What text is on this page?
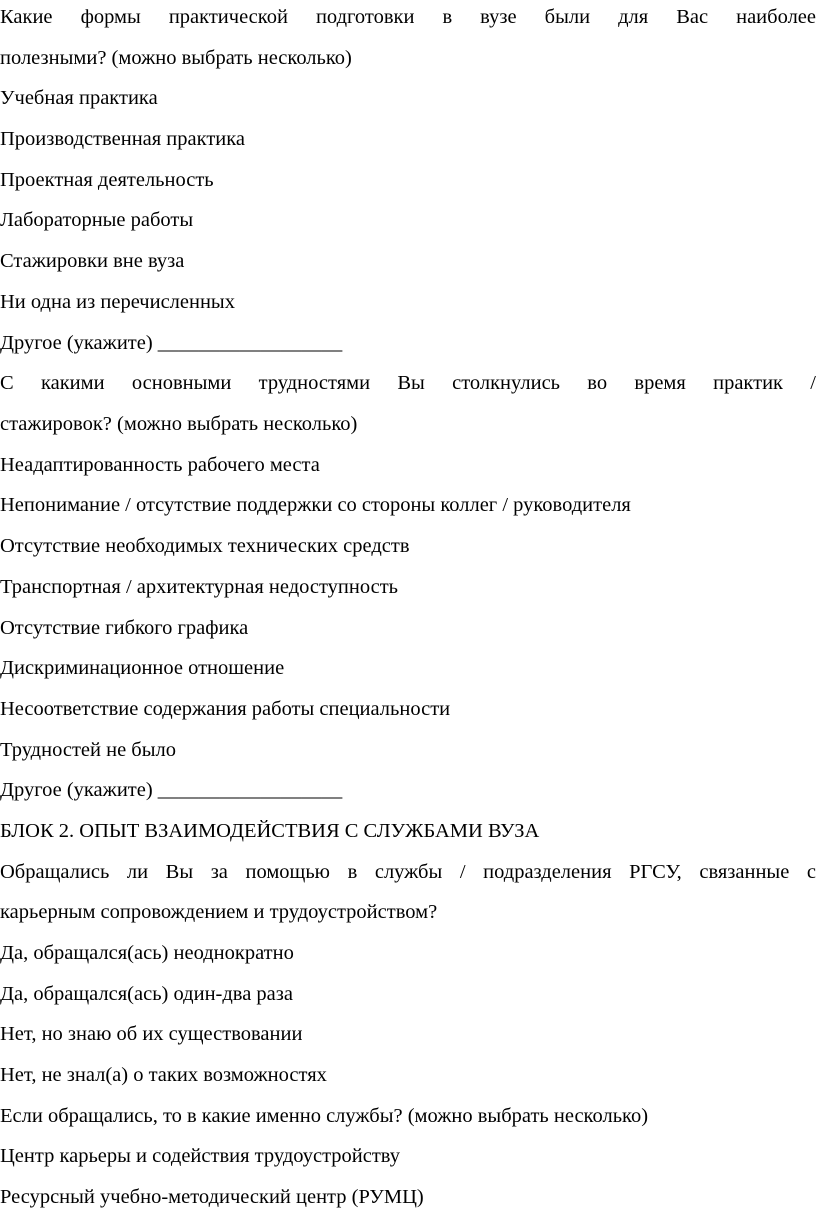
Какие формы практической подготовки в вузе были для Вас наиболее
полезными? (можно выбрать несколько)
Учебная практика
Производственная практика
Проектная деятельность
Лабораторные работы
Стажировки вне вуза
Ни одна из перечисленных
Другое (укажите) __________________
С какими основными трудностями Вы столкнулись во время практик /
стажировок? (можно выбрать несколько)
Неадаптированность рабочего места
Непонимание / отсутствие поддержки со стороны коллег / руководителя
Отсутствие необходимых технических средств
Транспортная / архитектурная недоступность
Отсутствие гибкого графика
Дискриминационное отношение
Несоответствие содержания работы специальности
Трудностей не было
Другое (укажите) __________________
БЛОК 2. ОПЫТ ВЗАИМОДЕЙСТВИЯ С СЛУЖБАМИ ВУЗА
Обращались ли Вы за помощью в службы / подразделения РГСУ, связанные с
карьерным сопровождением и трудоустройством?
Да, обращался(ась) неоднократно
Да, обращался(ась) один-два раза
Нет, но знаю об их существовании
Нет, не знал(а) о таких возможностях
Если обращались, то в какие именно службы? (можно выбрать несколько)
Центр карьеры и содействия трудоустройству
Ресурсный учебно-методический центр (РУМЦ)
